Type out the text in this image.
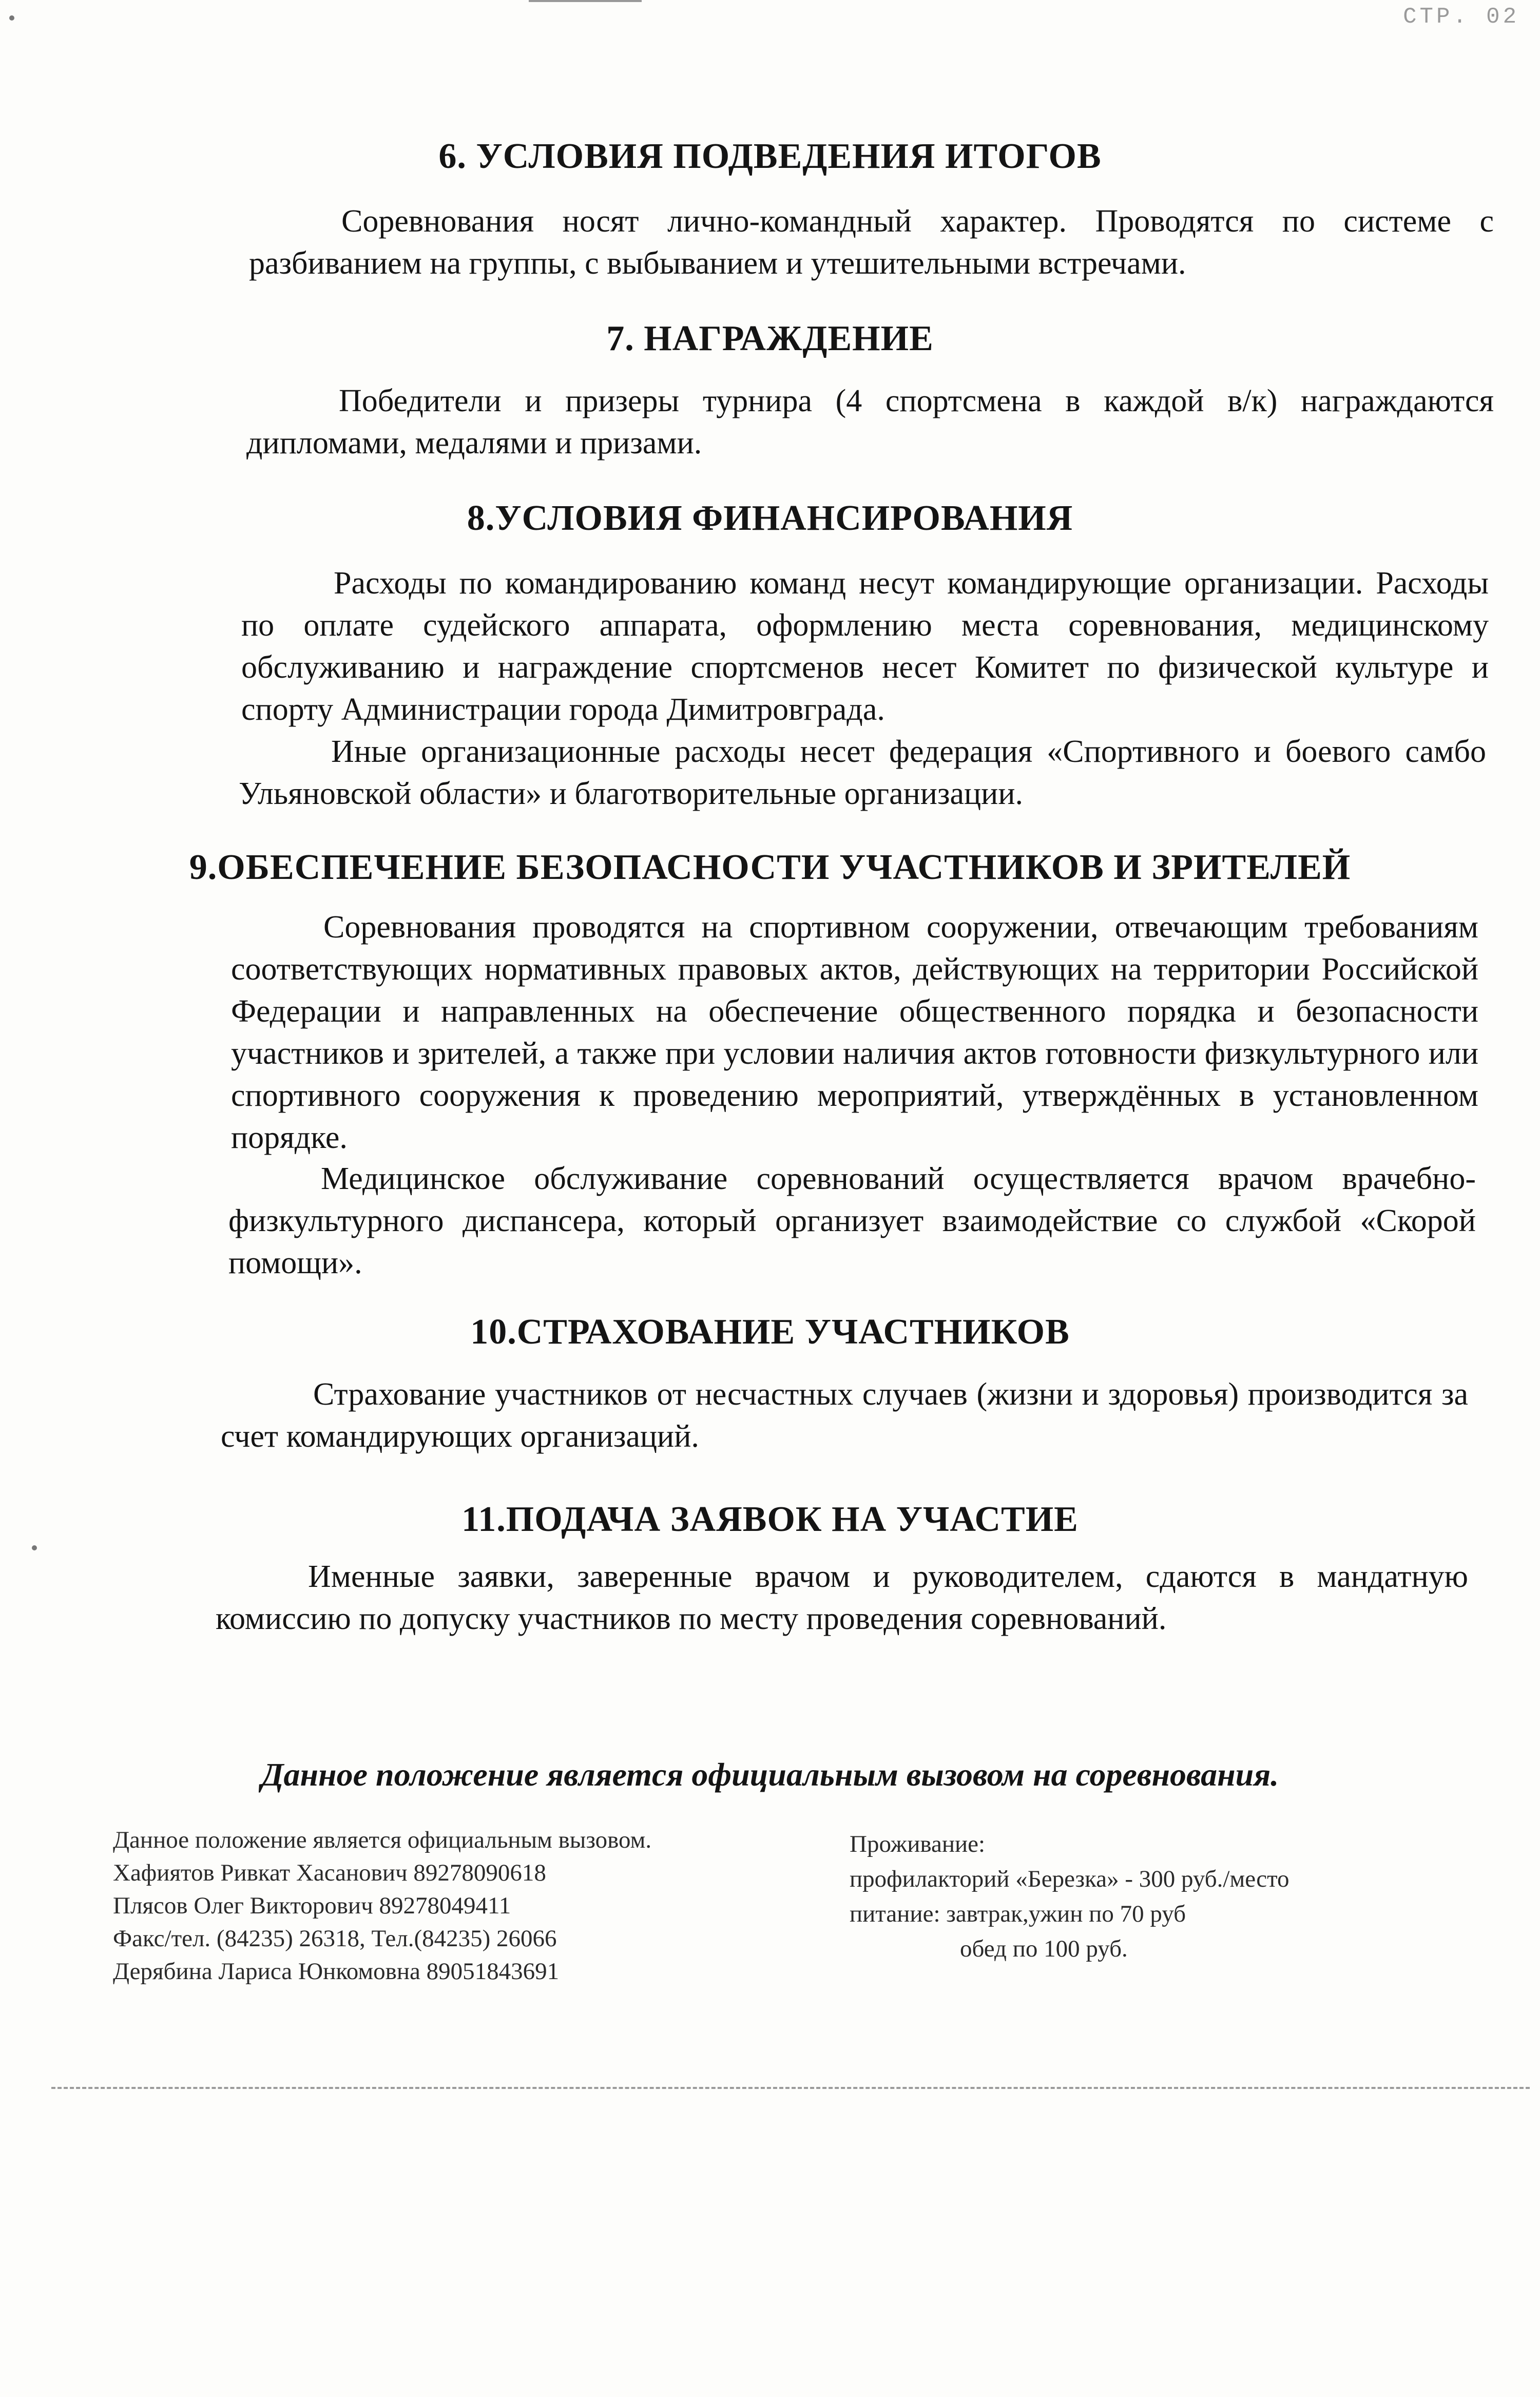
СТР. 02
6. УСЛОВИЯ ПОДВЕДЕНИЯ ИТОГОВ

Соревнования носят лично-командный характер. Проводятся по системе с разбиванием на группы, с выбыванием и утешительными встречами.

7. НАГРАЖДЕНИЕ

Победители и призеры турнира (4 спортсмена в каждой в/к) награждаются дипломами, медалями и призами.

8.УСЛОВИЯ ФИНАНСИРОВАНИЯ

Расходы по командированию команд несут командирующие организации. Расходы по оплате судейского аппарата, оформлению места соревнования, медицинскому обслуживанию и награждение спортсменов несет Комитет по физической культуре и спорту Администрации города Димитровграда.

Иные организационные расходы несет федерация «Спортивного и боевого самбо Ульяновской области» и благотворительные организации.

9.ОБЕСПЕЧЕНИЕ БЕЗОПАСНОСТИ УЧАСТНИКОВ И ЗРИТЕЛЕЙ

Соревнования проводятся на спортивном сооружении, отвечающим требованиям соответствующих нормативных правовых актов, действующих на территории Российской Федерации и направленных на обеспечение общественного порядка и безопасности участников и зрителей, а также при условии наличия актов готовности физкультурного или спортивного сооружения к проведению мероприятий, утверждённых в установленном порядке.

Медицинское обслуживание соревнований осуществляется врачом врачебно-физкультурного диспансера, который организует взаимодействие со службой «Скорой помощи».

10.СТРАХОВАНИЕ УЧАСТНИКОВ

Страхование участников от несчастных случаев (жизни и здоровья) производится за счет командирующих организаций.

11.ПОДАЧА ЗАЯВОК НА УЧАСТИЕ

Именные заявки, заверенные врачом и руководителем, сдаются в мандатную комиссию по допуску участников по месту проведения соревнований.

Данное положение является официальным вызовом на соревнования.

Данное положение является официальным вызовом.
Хафиятов Ривкат Хасанович 89278090618
Плясов Олег Викторович 89278049411
Факс/тел. (84235) 26318, Тел.(84235) 26066
Дерябина Лариса Юнкомовна 89051843691
Проживание:
профилакторий «Березка» - 300 руб./место
питание: завтрак,ужин по 70 руб
обед по 100 руб.
